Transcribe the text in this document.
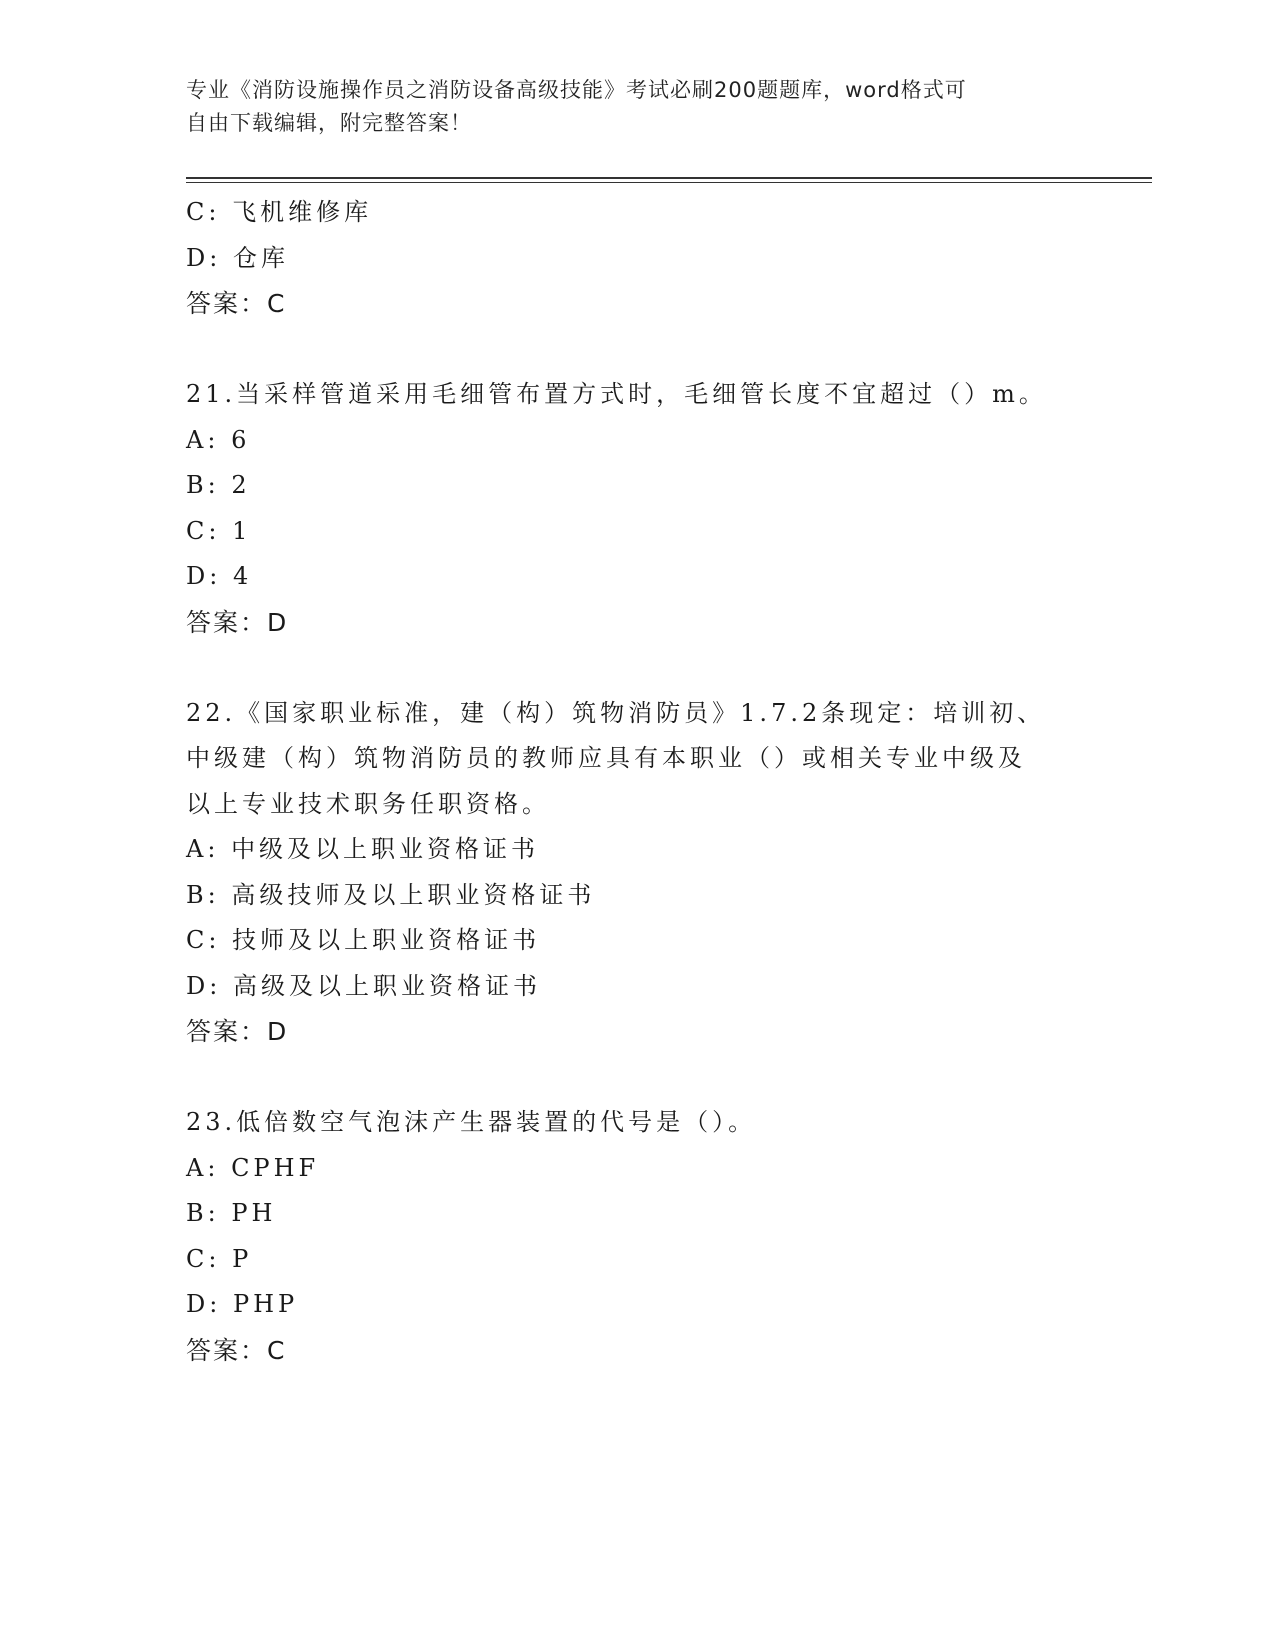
专业《消防设施操作员之消防设备高级技能》考试必刷200题题库，word格式可
自由下载编辑，附完整答案！
C: 飞机维修库
D: 仓库
答案：C
21.当采样管道采用毛细管布置方式时，毛细管长度不宜超过（）m。
A: 6
B: 2
C: 1
D: 4
答案：D
22.《国家职业标准，建（构）筑物消防员》1.7.2条现定：培训初、
中级建（构）筑物消防员的教师应具有本职业（）或相关专业中级及
以上专业技术职务任职资格。
A: 中级及以上职业资格证书
B: 高级技师及以上职业资格证书
C: 技师及以上职业资格证书
D: 高级及以上职业资格证书
答案：D
23.低倍数空气泡沫产生器装置的代号是（）。
A: CPHF
B: PH
C: P
D: PHP
答案：C
